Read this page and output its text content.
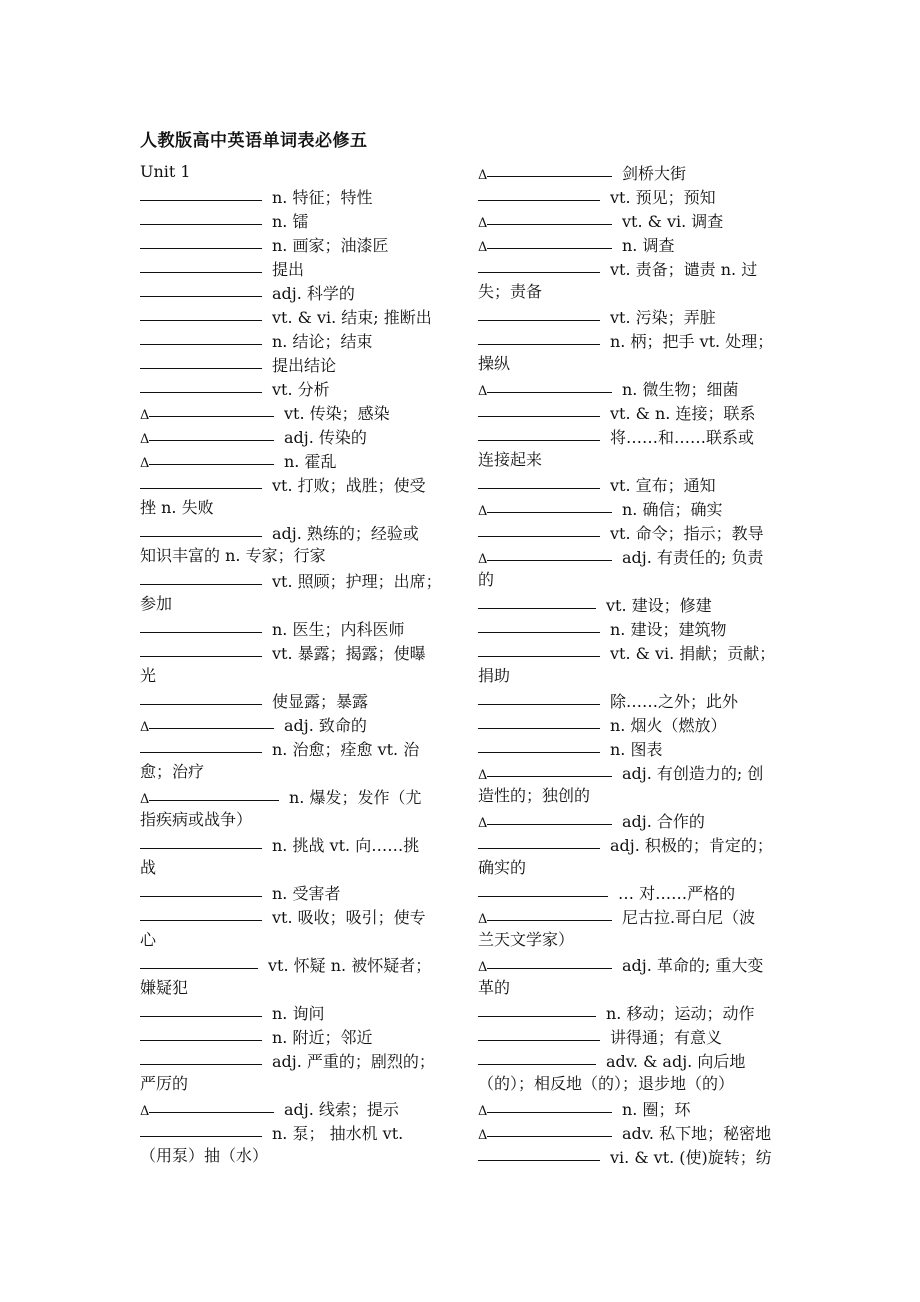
人教版高中英语单词表必修五
Unit 1
n. 特征；特性
n. 镭
n. 画家；油漆匠
提出
adj. 科学的
vt. & vi. 结束; 推断出
n. 结论；结束
提出结论
vt. 分析
Δ	vt. 传染；感染
Δ	adj. 传染的
Δ	n. 霍乱
vt. 打败；战胜；使受
挫 n. 失败
adj. 熟练的；经验或
知识丰富的 n. 专家；行家
vt. 照顾；护理；出席；
参加
n. 医生；内科医师
vt. 暴露；揭露；使曝
光
使显露；暴露
Δ	adj. 致命的
n. 治愈；痊愈 vt. 治
愈；治疗
Δ	n. 爆发；发作（尤
指疾病或战争）
n. 挑战 vt. 向……挑
战
n. 受害者
vt. 吸收；吸引；使专
心
vt. 怀疑 n. 被怀疑者；
嫌疑犯
n. 询问
n. 附近；邻近
adj. 严重的；剧烈的；
严厉的
Δ	adj. 线索；提示
n. 泵； 抽水机 vt.
（用泵）抽（水）
Δ	剑桥大街
vt. 预见；预知
Δ	vt. & vi. 调查
Δ	n. 调查
vt. 责备；谴责 n. 过
失；责备
vt. 污染；弄脏
n. 柄；把手 vt. 处理；
操纵
Δ	n. 微生物；细菌
vt. & n. 连接；联系
将……和……联系或
连接起来
vt. 宣布；通知
Δ	n. 确信；确实
vt. 命令；指示；教导
Δ	adj. 有责任的; 负责
的
vt. 建设；修建
n. 建设；建筑物
vt. & vi. 捐献；贡献；
捐助
除……之外；此外
n. 烟火（燃放）
n. 图表
Δ	adj. 有创造力的; 创
造性的；独创的
Δ	adj. 合作的
adj. 积极的；肯定的；
确实的
… 对……严格的
Δ	尼古拉.哥白尼（波
兰天文学家）
Δ	adj. 革命的; 重大变
革的
n. 移动；运动；动作
讲得通；有意义
adv. & adj. 向后地
（的）；相反地（的）；退步地（的）
Δ	n. 圈；环
Δ	adv. 私下地；秘密地
vi. & vt. (使)旋转；纺
